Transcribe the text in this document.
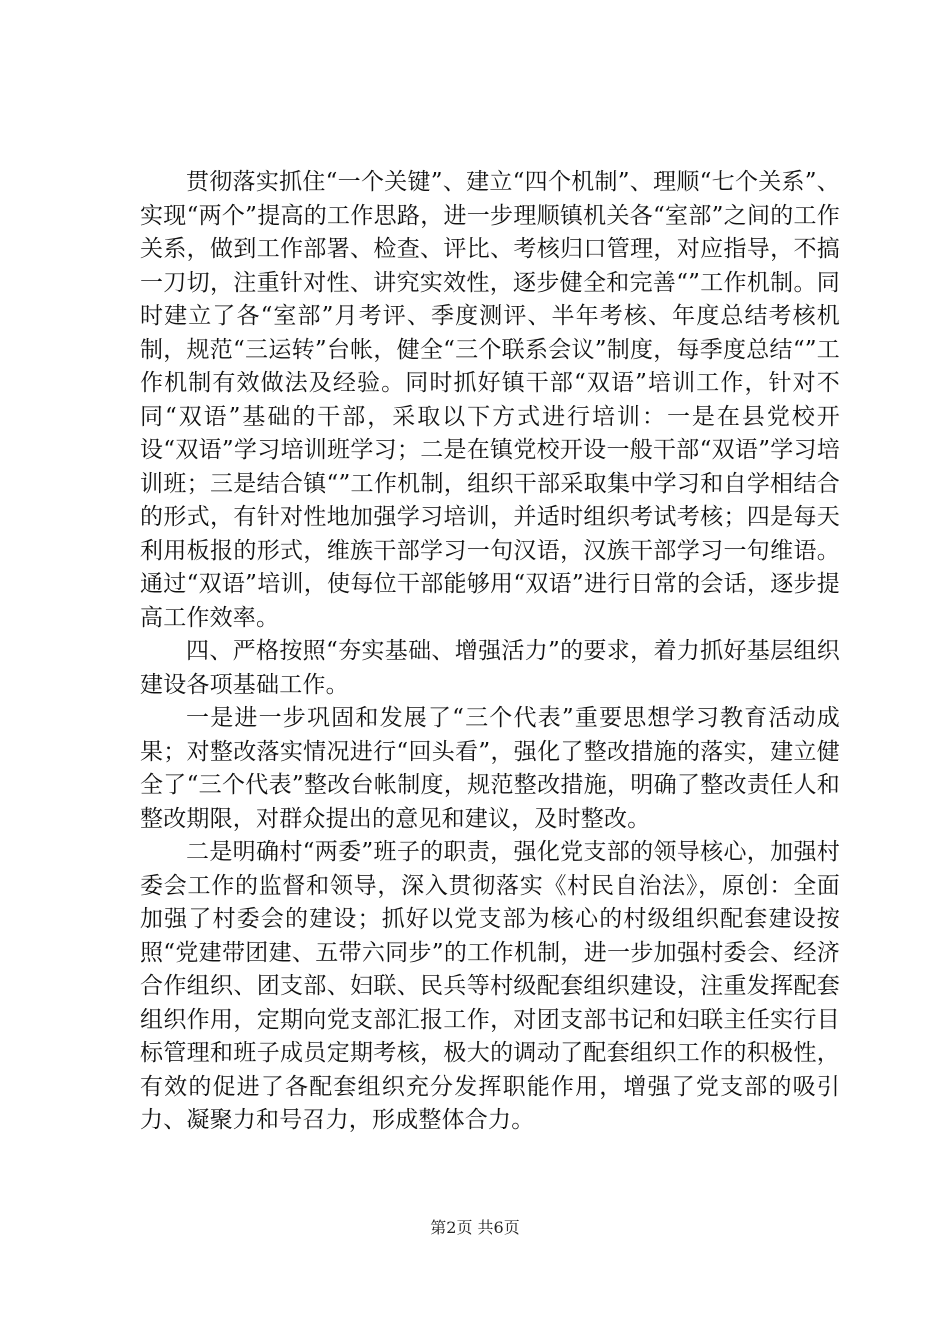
贯彻落实抓住“一个关键”、建立“四个机制”、理顺“七个关系”、实现“两个”提高的工作思路，进一步理顺镇机关各“室部”之间的工作关系，做到工作部署、检查、评比、考核归口管理，对应指导，不搞一刀切，注重针对性、讲究实效性，逐步健全和完善“”工作机制。同时建立了各“室部”月考评、季度测评、半年考核、年度总结考核机制，规范“三运转”台帐，健全“三个联系会议”制度，每季度总结“”工作机制有效做法及经验。同时抓好镇干部“双语”培训工作，针对不同“双语”基础的干部，采取以下方式进行培训：一是在县党校开设“双语”学习培训班学习；二是在镇党校开设一般干部“双语”学习培训班；三是结合镇“”工作机制，组织干部采取集中学习和自学相结合的形式，有针对性地加强学习培训，并适时组织考试考核；四是每天利用板报的形式，维族干部学习一句汉语，汉族干部学习一句维语。通过“双语”培训，使每位干部能够用“双语”进行日常的会话，逐步提高工作效率。

四、严格按照“夯实基础、增强活力”的要求，着力抓好基层组织建设各项基础工作。

一是进一步巩固和发展了“三个代表”重要思想学习教育活动成果；对整改落实情况进行“回头看”，强化了整改措施的落实，建立健全了“三个代表”整改台帐制度，规范整改措施，明确了整改责任人和整改期限，对群众提出的意见和建议，及时整改。

二是明确村“两委”班子的职责，强化党支部的领导核心，加强村委会工作的监督和领导，深入贯彻落实《村民自治法》，原创：全面加强了村委会的建设；抓好以党支部为核心的村级组织配套建设按照“党建带团建、五带六同步”的工作机制，进一步加强村委会、经济合作组织、团支部、妇联、民兵等村级配套组织建设，注重发挥配套组织作用，定期向党支部汇报工作，对团支部书记和妇联主任实行目标管理和班子成员定期考核，极大的调动了配套组织工作的积极性，有效的促进了各配套组织充分发挥职能作用，增强了党支部的吸引力、凝聚力和号召力，形成整体合力。

第2页 共6页
